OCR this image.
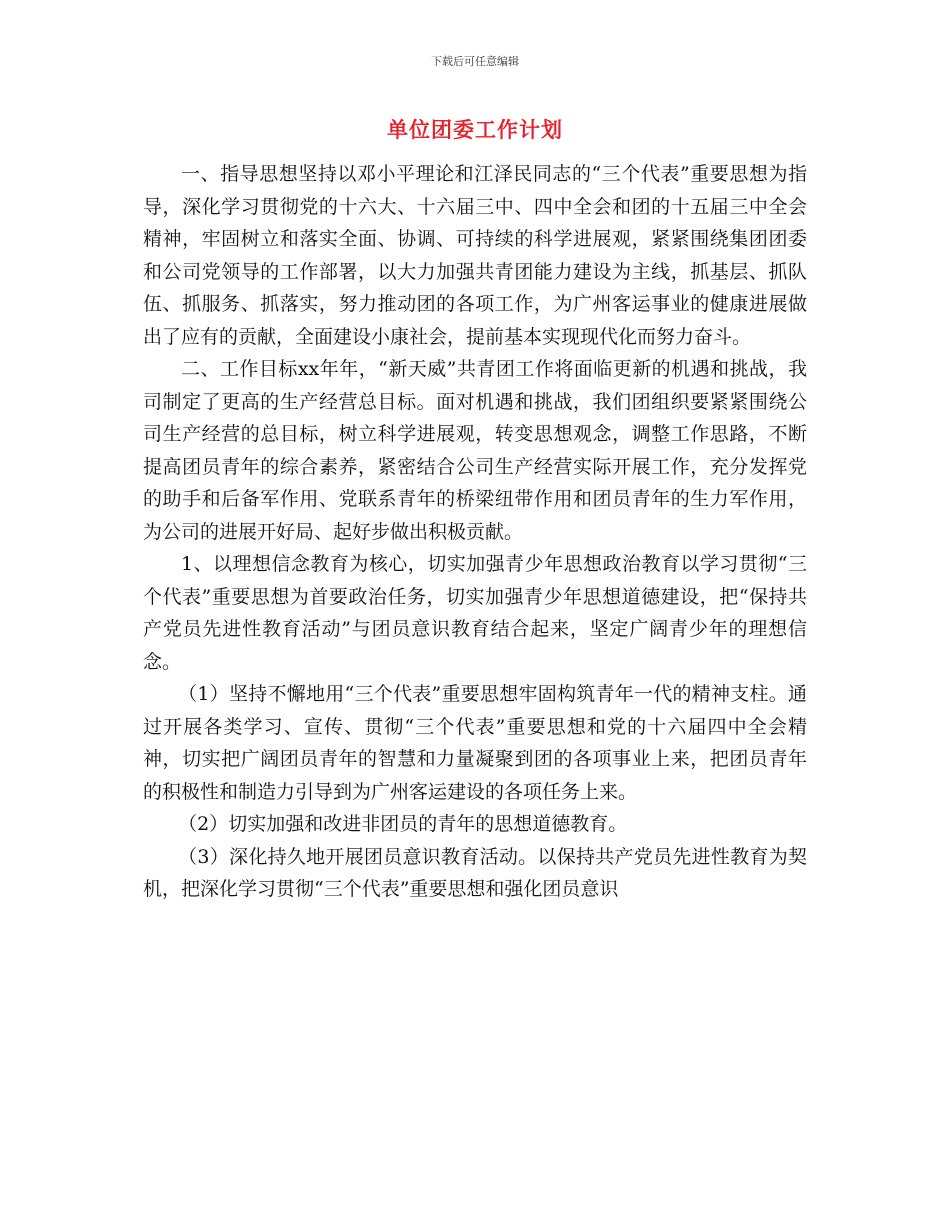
下载后可任意编辑
单位团委工作计划

一、指导思想坚持以邓小平理论和江泽民同志的“三个代表”重要思想为指导，深化学习贯彻党的十六大、十六届三中、四中全会和团的十五届三中全会精神，牢固树立和落实全面、协调、可持续的科学进展观，紧紧围绕集团团委和公司党领导的工作部署，以大力加强共青团能力建设为主线，抓基层、抓队伍、抓服务、抓落实，努力推动团的各项工作，为广州客运事业的健康进展做出了应有的贡献，全面建设小康社会，提前基本实现现代化而努力奋斗。

二、工作目标xx年年，“新天威”共青团工作将面临更新的机遇和挑战，我司制定了更高的生产经营总目标。面对机遇和挑战，我们团组织要紧紧围绕公司生产经营的总目标，树立科学进展观，转变思想观念，调整工作思路，不断提高团员青年的综合素养，紧密结合公司生产经营实际开展工作，充分发挥党的助手和后备军作用、党联系青年的桥梁纽带作用和团员青年的生力军作用，为公司的进展开好局、起好步做出积极贡献。

1、以理想信念教育为核心，切实加强青少年思想政治教育以学习贯彻“三个代表”重要思想为首要政治任务，切实加强青少年思想道德建设，把“保持共产党员先进性教育活动”与团员意识教育结合起来，坚定广阔青少年的理想信念。

（1）坚持不懈地用“三个代表”重要思想牢固构筑青年一代的精神支柱。通过开展各类学习、宣传、贯彻“三个代表”重要思想和党的十六届四中全会精神，切实把广阔团员青年的智慧和力量凝聚到团的各项事业上来，把团员青年的积极性和制造力引导到为广州客运建设的各项任务上来。

（2）切实加强和改进非团员的青年的思想道德教育。

（3）深化持久地开展团员意识教育活动。以保持共产党员先进性教育为契机，把深化学习贯彻“三个代表”重要思想和强化团员意识
